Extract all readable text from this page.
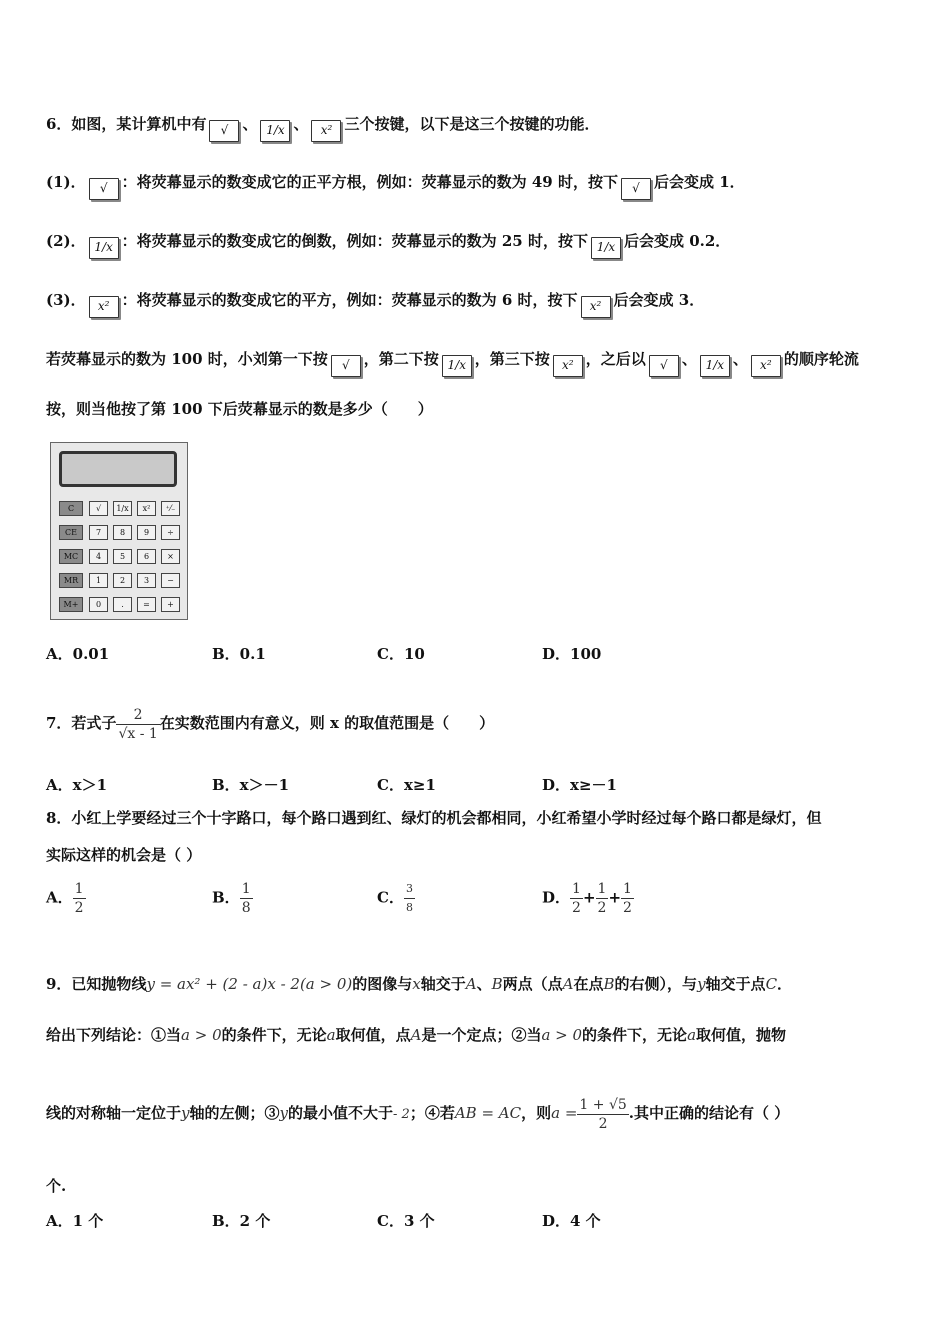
6．如图，某计算机中有 √ 、 1/x 、 x² 三个按键，以下是这三个按键的功能．
(1)． √ ：将荧幕显示的数变成它的正平方根，例如：荧幕显示的数为 49 时，按下 √ 后会变成 1．
(2)． 1/x ：将荧幕显示的数变成它的倒数，例如：荧幕显示的数为 25 时，按下 1/x 后会变成 0.2．
(3)． x² ：将荧幕显示的数变成它的平方，例如：荧幕显示的数为 6 时，按下 x² 后会变成 3．
若荧幕显示的数为 100 时，小刘第一下按 √ ，第二下按 1/x ，第三下按 x² ，之后以 √ 、 1/x 、 x² 的顺序轮流
按，则当他按了第 100 下后荧幕显示的数是多少（　　）
C	√	1/x	x²	⁺⁄₋
CE	7	8	9	÷
MC	4	5	6	×
MR	1	2	3	−
M+	0	.	=	+
A．0.01	B．0.1	C．10	D．100
7．若式子 $\frac{2}{√x - 1}$ 在实数范围内有意义，则 x 的取值范围是（　　）
A．x＞1	B．x＞－1	C．x≥1	D．x≥－1
8．小红上学要经过三个十字路口，每个路口遇到红、绿灯的机会都相同，小红希望小学时经过每个路口都是绿灯，但
实际这样的机会是（ ）
A． $\frac{1}{2}$	B． $\frac{1}{8}$	C． $\frac{3}{8}$	D． $\frac{1}{2} + \frac{1}{2} + \frac{1}{2}$
9．已知抛物线y = ax² + (2 - a)x - 2(a > 0)的图像与x轴交于A、B两点（点A在点B的右侧），与y轴交于点C．
给出下列结论：①当a > 0的条件下，无论a取何值，点A是一个定点；②当a > 0的条件下，无论a取何值，抛物
线的对称轴一定位于y轴的左侧；③y的最小值不大于- 2；④若AB = AC，则$a = \frac{1 + √5}{2}$ .其中正确的结论有（ ）
个.
A．1 个	B．2 个	C．3 个	D．4 个
